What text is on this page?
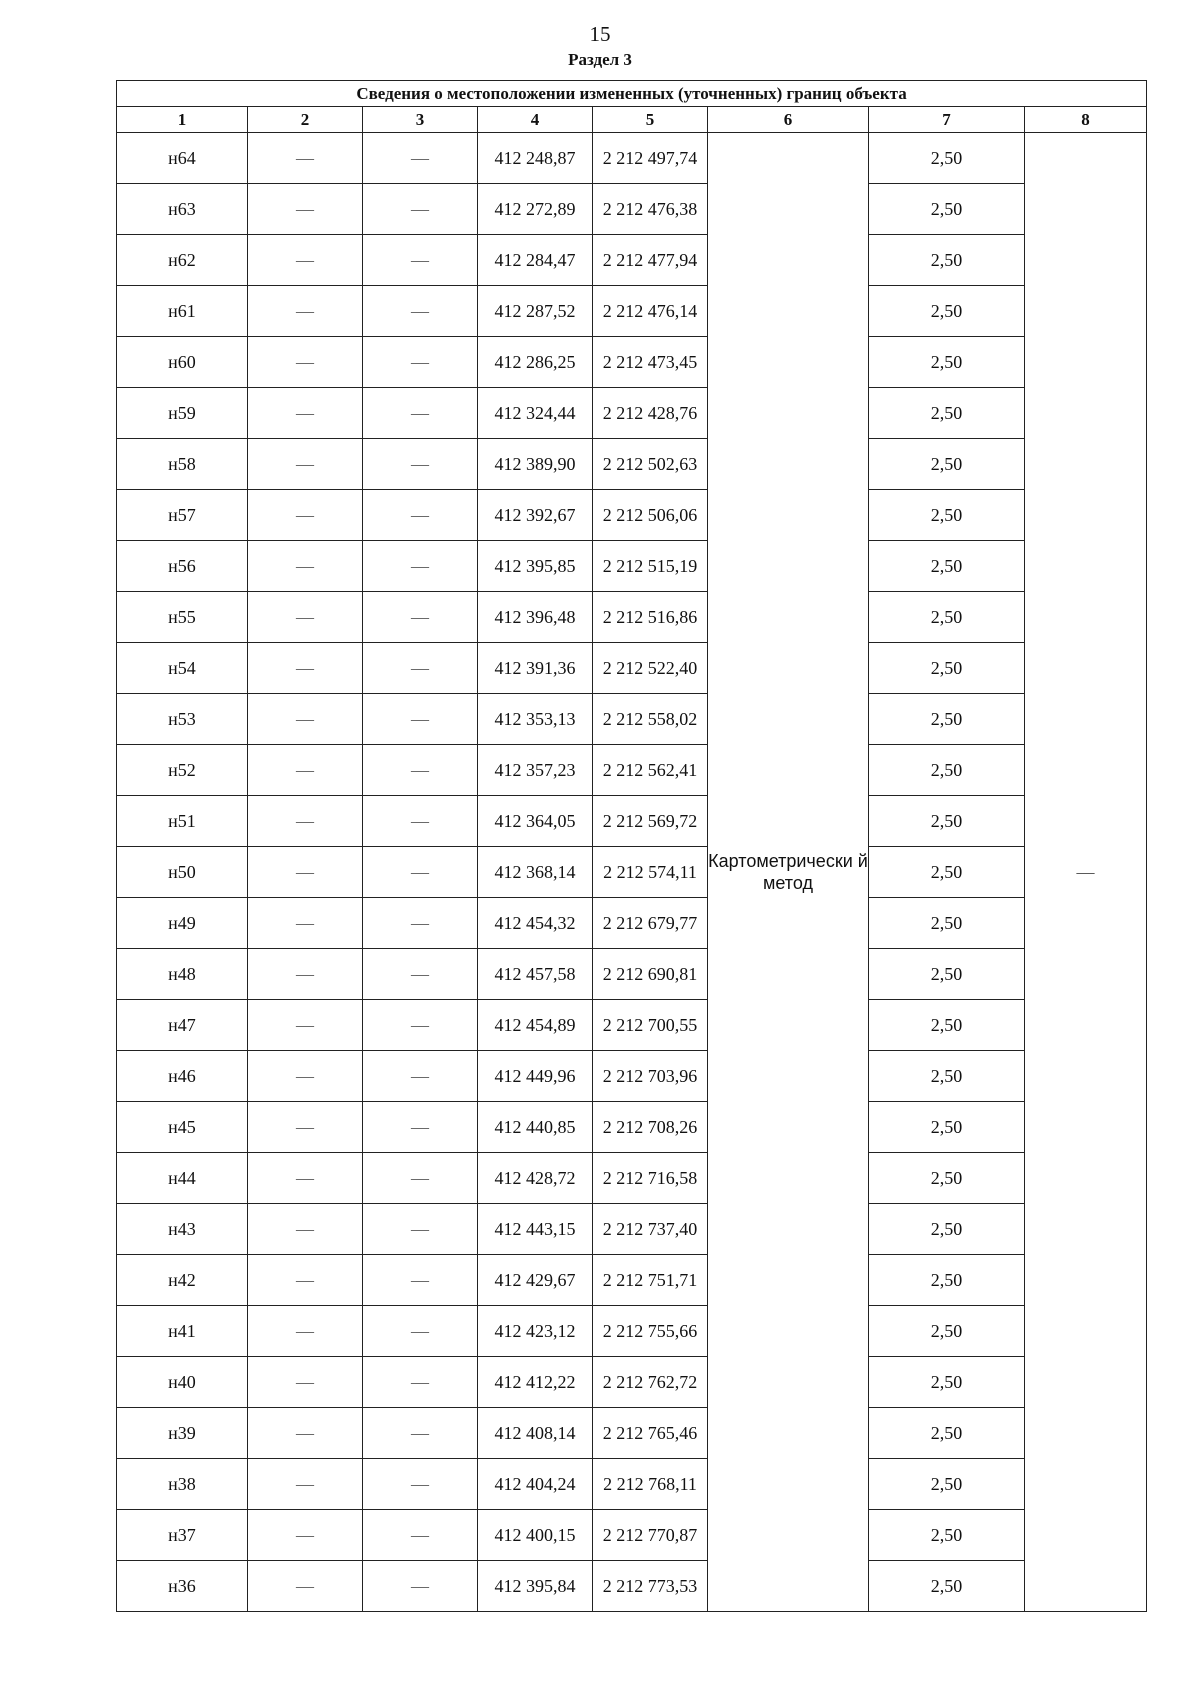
15
Раздел 3
Сведения о местоположении измененных (уточненных) границ объекта							
1	2	3	4	5	6	7	8
н64	—	—	412 248,87	2 212 497,74	Картометрически й метод	2,50	—
н63	—	—	412 272,89	2 212 476,38		2,50	
н62	—	—	412 284,47	2 212 477,94		2,50	
н61	—	—	412 287,52	2 212 476,14		2,50	
н60	—	—	412 286,25	2 212 473,45		2,50	
н59	—	—	412 324,44	2 212 428,76		2,50	
н58	—	—	412 389,90	2 212 502,63		2,50	
н57	—	—	412 392,67	2 212 506,06		2,50	
н56	—	—	412 395,85	2 212 515,19		2,50	
н55	—	—	412 396,48	2 212 516,86		2,50	
н54	—	—	412 391,36	2 212 522,40		2,50	
н53	—	—	412 353,13	2 212 558,02		2,50	
н52	—	—	412 357,23	2 212 562,41		2,50	
н51	—	—	412 364,05	2 212 569,72		2,50	
н50	—	—	412 368,14	2 212 574,11		2,50	
н49	—	—	412 454,32	2 212 679,77		2,50	
н48	—	—	412 457,58	2 212 690,81		2,50	
н47	—	—	412 454,89	2 212 700,55		2,50	
н46	—	—	412 449,96	2 212 703,96		2,50	
н45	—	—	412 440,85	2 212 708,26		2,50	
н44	—	—	412 428,72	2 212 716,58		2,50	
н43	—	—	412 443,15	2 212 737,40		2,50	
н42	—	—	412 429,67	2 212 751,71		2,50	
н41	—	—	412 423,12	2 212 755,66		2,50	
н40	—	—	412 412,22	2 212 762,72		2,50	
н39	—	—	412 408,14	2 212 765,46		2,50	
н38	—	—	412 404,24	2 212 768,11		2,50	
н37	—	—	412 400,15	2 212 770,87		2,50	
н36	—	—	412 395,84	2 212 773,53		2,50	
